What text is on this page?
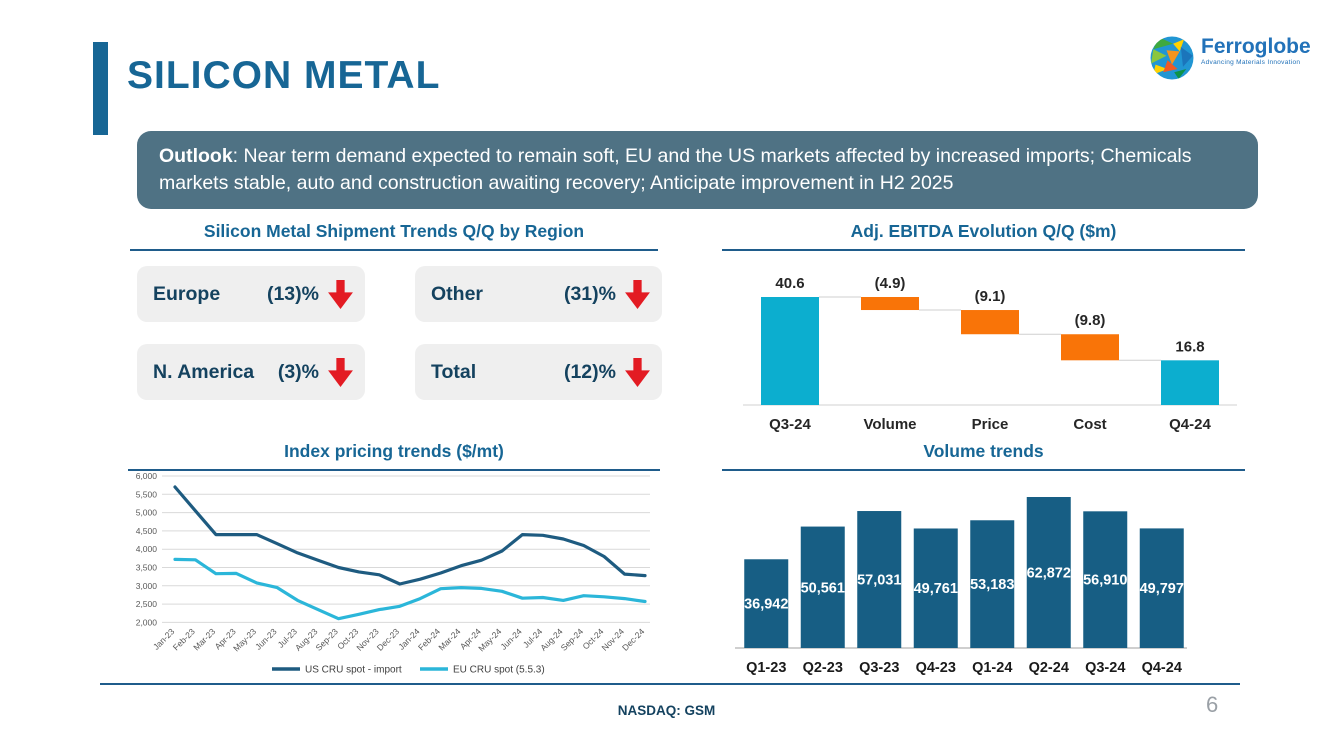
SILICON METAL
Ferroglobe
Advancing Materials Innovation
Outlook: Near term demand expected to remain soft, EU and the US markets affected by increased imports; Chemicals markets stable, auto and construction awaiting recovery; Anticipate improvement in H2 2025
Silicon Metal Shipment Trends Q/Q by Region	Adj. EBITDA Evolution Q/Q ($m)
Index pricing trends ($/mt)	Volume trends
Europe	(13)%	Other	(31)%
N. America	(3)%	Total	(12)%
40.6
Q3-24
(4.9)
Volume
(9.1)
Price
(9.8)
Cost
16.8
Q4-24
6,000
5,500
5,000
4,500
4,000
3,500
3,000
2,500
2,000
Jan-23
Feb-23
Mar-23
Apr-23
May-23
Jun-23
Jul-23
Aug-23
Sep-23
Oct-23
Nov-23
Dec-23
Jan-24
Feb-24
Mar-24
Apr-24
May-24
Jun-24
Jul-24
Aug-24
Sep-24
Oct-24
Nov-24
Dec-24
US CRU spot - import	EU CRU spot (5.5.3)
36,942
Q1-23
50,561
Q2-23
57,031
Q3-23
49,761
Q4-23
53,183
Q1-24
62,872
Q2-24
56,910
Q3-24
49,797
Q4-24
NASDAQ: GSM	6
